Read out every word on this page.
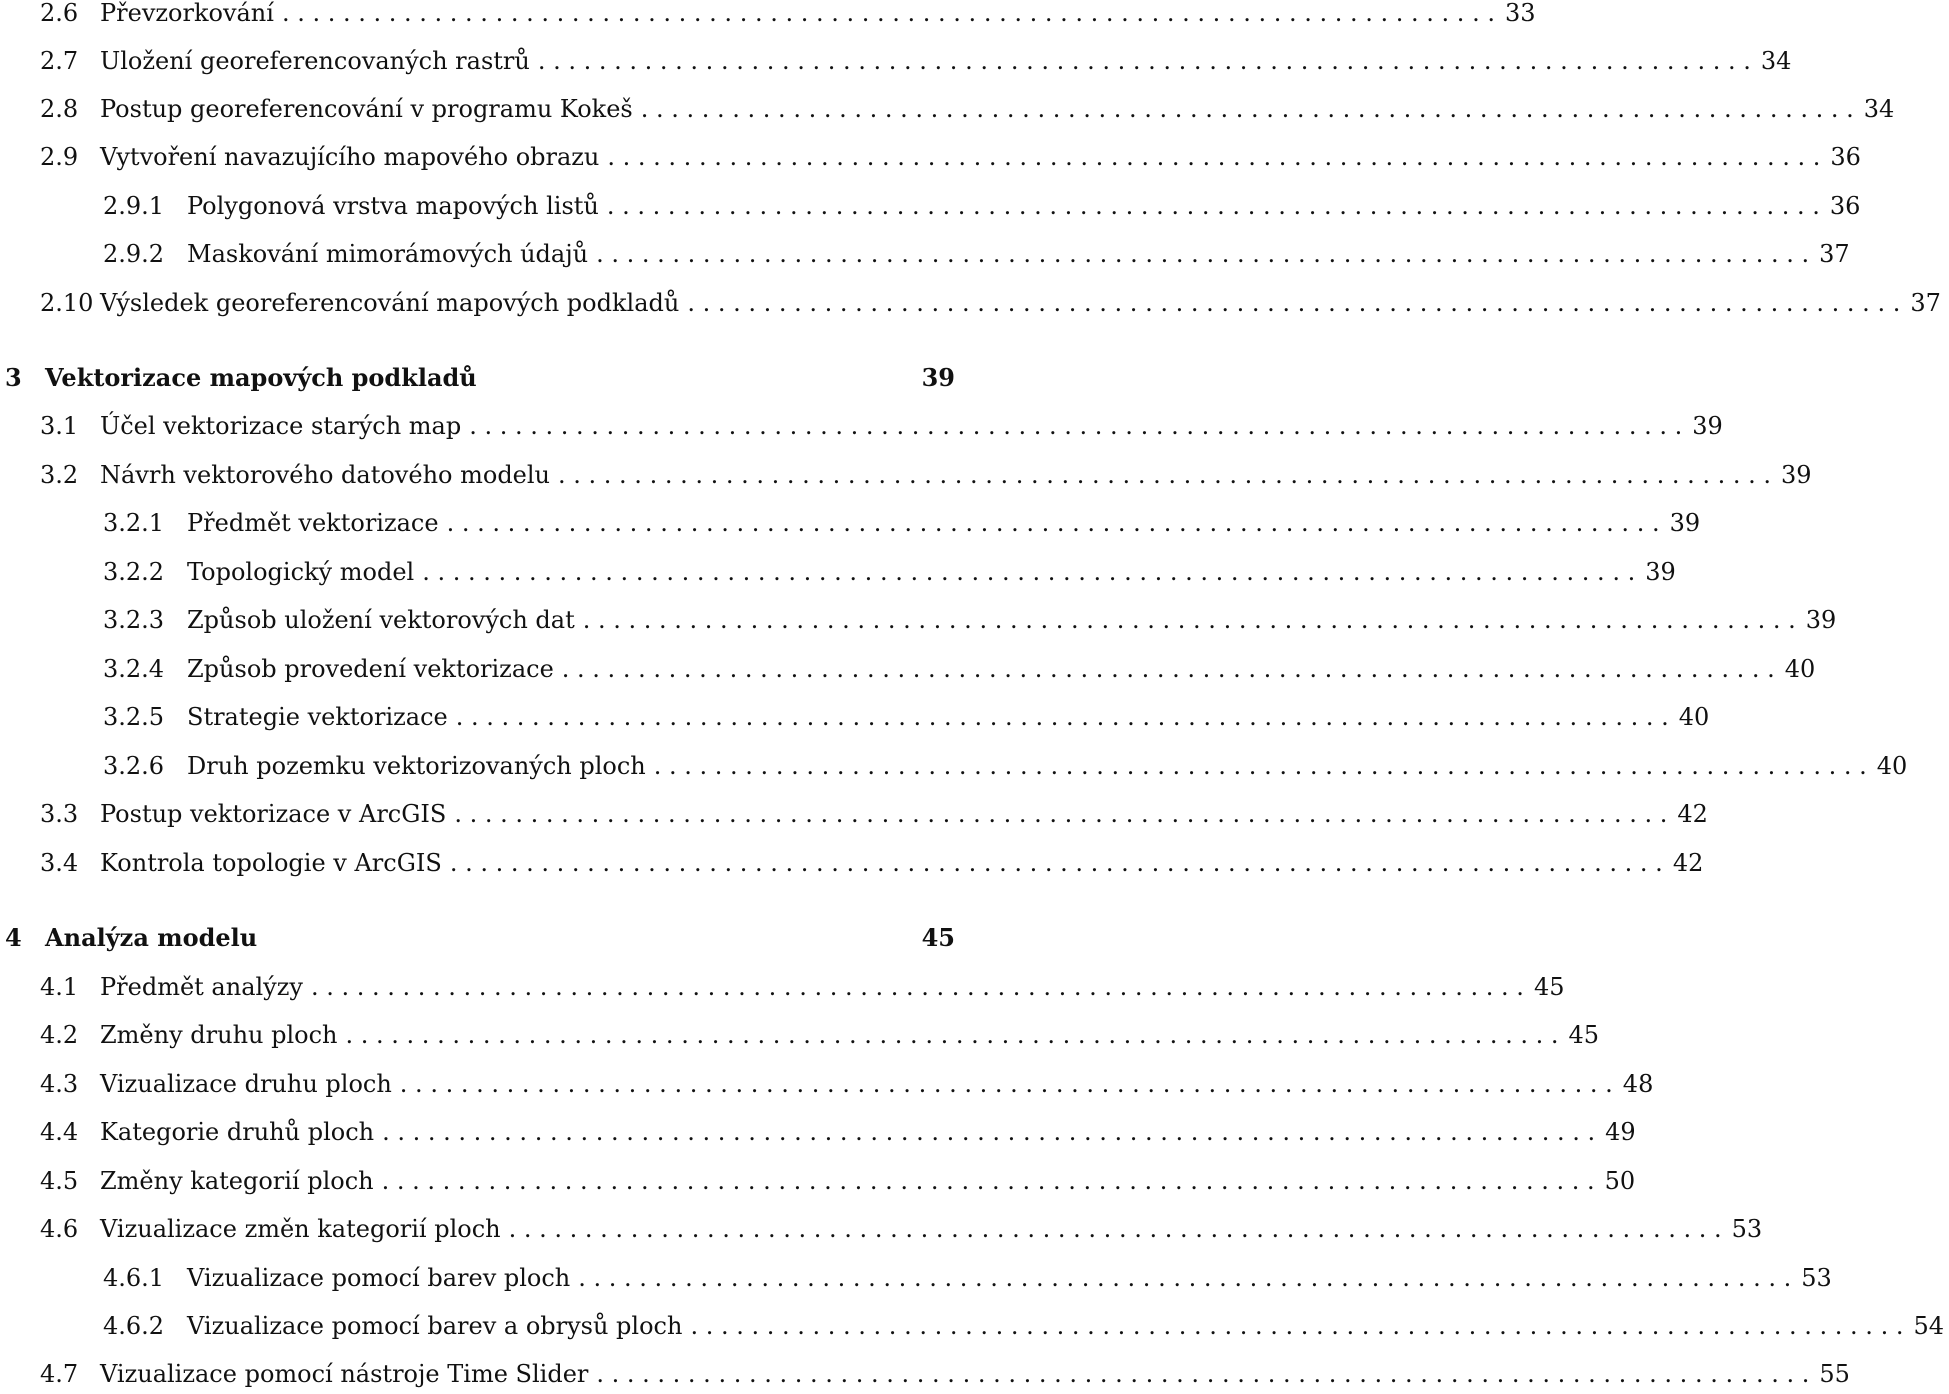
2.6 Převzorkování . . . . . . . . . . . . . . . . . . . . . . . . . . . . . . . . . . . . . . . . . . . . . . . . . . . . . . . . . . . . . . . . . . . . . . . . . . . . . . . . 33
2.7 Uložení georeferencovaných rastrů . . . . . . . . . . . . . . . . . . . . . . . . . . . . . . . . . . . . . . . . . . . . . . . . . . . . . . . . . . . . . . . . . . . . . . . . . . . . . . . . 34
2.8 Postup georeferencování v programu Kokeš . . . . . . . . . . . . . . . . . . . . . . . . . . . . . . . . . . . . . . . . . . . . . . . . . . . . . . . . . . . . . . . . . . . . . . . . . . . . . . . . 34
2.9 Vytvoření navazujícího mapového obrazu . . . . . . . . . . . . . . . . . . . . . . . . . . . . . . . . . . . . . . . . . . . . . . . . . . . . . . . . . . . . . . . . . . . . . . . . . . . . . . . . 36
2.9.1 Polygonová vrstva mapových listů . . . . . . . . . . . . . . . . . . . . . . . . . . . . . . . . . . . . . . . . . . . . . . . . . . . . . . . . . . . . . . . . . . . . . . . . . . . . . . . . 36
2.9.2 Maskování mimorámových údajů . . . . . . . . . . . . . . . . . . . . . . . . . . . . . . . . . . . . . . . . . . . . . . . . . . . . . . . . . . . . . . . . . . . . . . . . . . . . . . . . 37
2.10 Výsledek georeferencování mapových podkladů . . . . . . . . . . . . . . . . . . . . . . . . . . . . . . . . . . . . . . . . . . . . . . . . . . . . . . . . . . . . . . . . . . . . . . . . . . . . . . . . 37
3 Vektorizace mapových podkladů	39
3.1 Účel vektorizace starých map . . . . . . . . . . . . . . . . . . . . . . . . . . . . . . . . . . . . . . . . . . . . . . . . . . . . . . . . . . . . . . . . . . . . . . . . . . . . . . . . 39
3.2 Návrh vektorového datového modelu . . . . . . . . . . . . . . . . . . . . . . . . . . . . . . . . . . . . . . . . . . . . . . . . . . . . . . . . . . . . . . . . . . . . . . . . . . . . . . . . 39
3.2.1 Předmět vektorizace . . . . . . . . . . . . . . . . . . . . . . . . . . . . . . . . . . . . . . . . . . . . . . . . . . . . . . . . . . . . . . . . . . . . . . . . . . . . . . . . 39
3.2.2 Topologický model . . . . . . . . . . . . . . . . . . . . . . . . . . . . . . . . . . . . . . . . . . . . . . . . . . . . . . . . . . . . . . . . . . . . . . . . . . . . . . . . 39
3.2.3 Způsob uložení vektorových dat . . . . . . . . . . . . . . . . . . . . . . . . . . . . . . . . . . . . . . . . . . . . . . . . . . . . . . . . . . . . . . . . . . . . . . . . . . . . . . . . 39
3.2.4 Způsob provedení vektorizace . . . . . . . . . . . . . . . . . . . . . . . . . . . . . . . . . . . . . . . . . . . . . . . . . . . . . . . . . . . . . . . . . . . . . . . . . . . . . . . . 40
3.2.5 Strategie vektorizace . . . . . . . . . . . . . . . . . . . . . . . . . . . . . . . . . . . . . . . . . . . . . . . . . . . . . . . . . . . . . . . . . . . . . . . . . . . . . . . . 40
3.2.6 Druh pozemku vektorizovaných ploch . . . . . . . . . . . . . . . . . . . . . . . . . . . . . . . . . . . . . . . . . . . . . . . . . . . . . . . . . . . . . . . . . . . . . . . . . . . . . . . . 40
3.3 Postup vektorizace v ArcGIS . . . . . . . . . . . . . . . . . . . . . . . . . . . . . . . . . . . . . . . . . . . . . . . . . . . . . . . . . . . . . . . . . . . . . . . . . . . . . . . . 42
3.4 Kontrola topologie v ArcGIS . . . . . . . . . . . . . . . . . . . . . . . . . . . . . . . . . . . . . . . . . . . . . . . . . . . . . . . . . . . . . . . . . . . . . . . . . . . . . . . . 42
4 Analýza modelu	45
4.1 Předmět analýzy . . . . . . . . . . . . . . . . . . . . . . . . . . . . . . . . . . . . . . . . . . . . . . . . . . . . . . . . . . . . . . . . . . . . . . . . . . . . . . . . 45
4.2 Změny druhu ploch . . . . . . . . . . . . . . . . . . . . . . . . . . . . . . . . . . . . . . . . . . . . . . . . . . . . . . . . . . . . . . . . . . . . . . . . . . . . . . . . 45
4.3 Vizualizace druhu ploch . . . . . . . . . . . . . . . . . . . . . . . . . . . . . . . . . . . . . . . . . . . . . . . . . . . . . . . . . . . . . . . . . . . . . . . . . . . . . . . . 48
4.4 Kategorie druhů ploch . . . . . . . . . . . . . . . . . . . . . . . . . . . . . . . . . . . . . . . . . . . . . . . . . . . . . . . . . . . . . . . . . . . . . . . . . . . . . . . . 49
4.5 Změny kategorií ploch . . . . . . . . . . . . . . . . . . . . . . . . . . . . . . . . . . . . . . . . . . . . . . . . . . . . . . . . . . . . . . . . . . . . . . . . . . . . . . . . 50
4.6 Vizualizace změn kategorií ploch . . . . . . . . . . . . . . . . . . . . . . . . . . . . . . . . . . . . . . . . . . . . . . . . . . . . . . . . . . . . . . . . . . . . . . . . . . . . . . . . 53
4.6.1 Vizualizace pomocí barev ploch . . . . . . . . . . . . . . . . . . . . . . . . . . . . . . . . . . . . . . . . . . . . . . . . . . . . . . . . . . . . . . . . . . . . . . . . . . . . . . . . 53
4.6.2 Vizualizace pomocí barev a obrysů ploch . . . . . . . . . . . . . . . . . . . . . . . . . . . . . . . . . . . . . . . . . . . . . . . . . . . . . . . . . . . . . . . . . . . . . . . . . . . . . . . . 54
4.7 Vizualizace pomocí nástroje Time Slider . . . . . . . . . . . . . . . . . . . . . . . . . . . . . . . . . . . . . . . . . . . . . . . . . . . . . . . . . . . . . . . . . . . . . . . . . . . . . . . . 55
